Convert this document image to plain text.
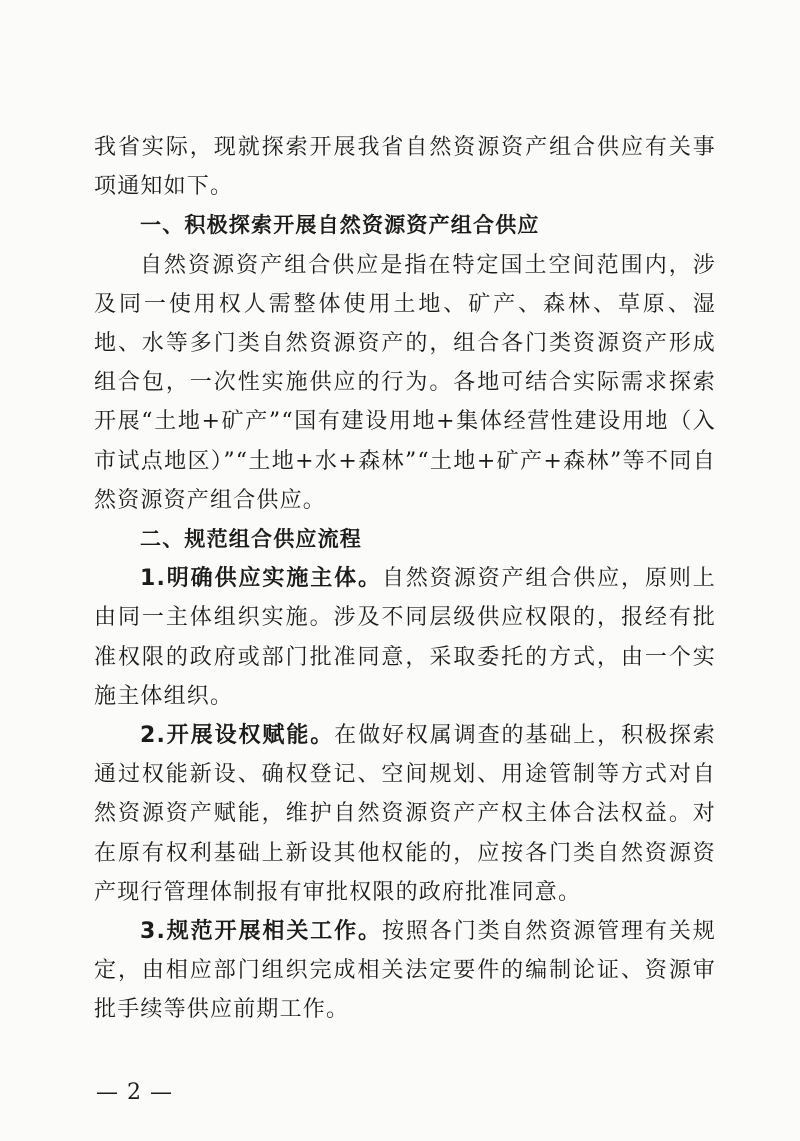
我省实际，现就探索开展我省自然资源资产组合供应有关事项通知如下。

一、积极探索开展自然资源资产组合供应

自然资源资产组合供应是指在特定国土空间范围内，涉及同一使用权人需整体使用土地、矿产、森林、草原、湿地、水等多门类自然资源资产的，组合各门类资源资产形成组合包，一次性实施供应的行为。各地可结合实际需求探索开展“土地+矿产”“国有建设用地+集体经营性建设用地（入市试点地区）”“土地+水+森林”“土地+矿产+森林”等不同自然资源资产组合供应。

二、规范组合供应流程

1.明确供应实施主体。自然资源资产组合供应，原则上由同一主体组织实施。涉及不同层级供应权限的，报经有批准权限的政府或部门批准同意，采取委托的方式，由一个实施主体组织。

2.开展设权赋能。在做好权属调查的基础上，积极探索通过权能新设、确权登记、空间规划、用途管制等方式对自然资源资产赋能，维护自然资源资产产权主体合法权益。对在原有权利基础上新设其他权能的，应按各门类自然资源资产现行管理体制报有审批权限的政府批准同意。

3.规范开展相关工作。按照各门类自然资源管理有关规定，由相应部门组织完成相关法定要件的编制论证、资源审批手续等供应前期工作。

— 2 —
